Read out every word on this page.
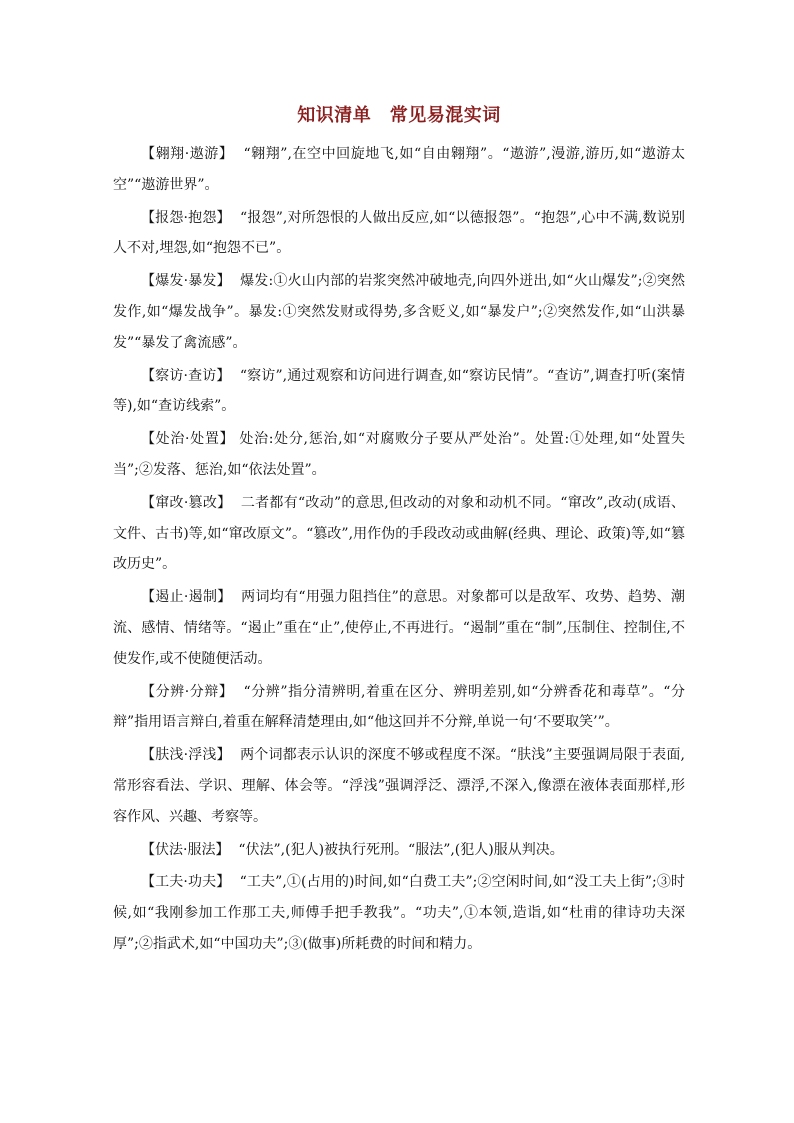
知识清单　常见易混实词

【翱翔·遨游】 “翱翔”,在空中回旋地飞,如“自由翱翔”。“遨游”,漫游,游历,如“遨游太空”“遨游世界”。

【报怨·抱怨】 “报怨”,对所怨恨的人做出反应,如“以德报怨”。“抱怨”,心中不满,数说别人不对,埋怨,如“抱怨不已”。

【爆发·暴发】 爆发:①火山内部的岩浆突然冲破地壳,向四外迸出,如“火山爆发”;②突然发作,如“爆发战争”。暴发:①突然发财或得势,多含贬义,如“暴发户”;②突然发作,如“山洪暴发”“暴发了禽流感”。

【察访·查访】 “察访”,通过观察和访问进行调查,如“察访民情”。“查访”,调查打听(案情等),如“查访线索”。

【处治·处置】 处治:处分,惩治,如“对腐败分子要从严处治”。处置:①处理,如“处置失当”;②发落、惩治,如“依法处置”。

【窜改·篡改】 二者都有“改动”的意思,但改动的对象和动机不同。“窜改”,改动(成语、文件、古书)等,如“窜改原文”。“篡改”,用作伪的手段改动或曲解(经典、理论、政策)等,如“篡改历史”。

【遏止·遏制】 两词均有“用强力阻挡住”的意思。对象都可以是敌军、攻势、趋势、潮流、感情、情绪等。“遏止”重在“止”,使停止,不再进行。“遏制”重在“制”,压制住、控制住,不使发作,或不使随便活动。

【分辨·分辩】 “分辨”指分清辨明,着重在区分、辨明差别,如“分辨香花和毒草”。“分辩”指用语言辩白,着重在解释清楚理由,如“他这回并不分辩,单说一句‘不要取笑’”。

【肤浅·浮浅】 两个词都表示认识的深度不够或程度不深。“肤浅”主要强调局限于表面,常形容看法、学识、理解、体会等。“浮浅”强调浮泛、漂浮,不深入,像漂在液体表面那样,形容作风、兴趣、考察等。

【伏法·服法】 “伏法”,(犯人)被执行死刑。“服法”,(犯人)服从判决。

【工夫·功夫】 “工夫”,①(占用的)时间,如“白费工夫”;②空闲时间,如“没工夫上街”;③时候,如“我刚参加工作那工夫,师傅手把手教我”。“功夫”,①本领,造诣,如“杜甫的律诗功夫深厚”;②指武术,如“中国功夫”;③(做事)所耗费的时间和精力。
